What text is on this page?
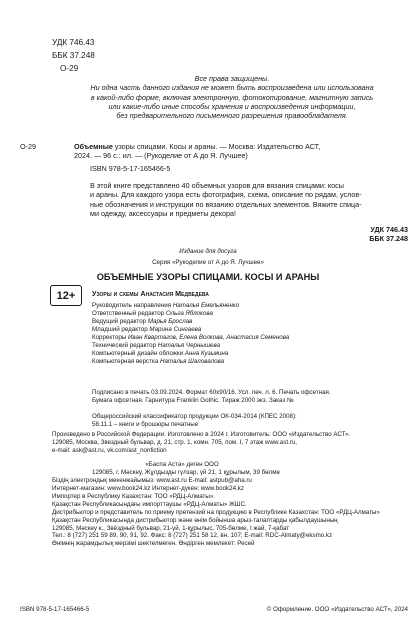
УДК 746.43
ББК 37.248
О-29
Все права защищены.
Ни одна часть данного издания не может быть воспроизведена или использована
в какой-либо форме, включая электронную, фотокопирование, магнитную запись
или какие-либо иные способы хранения и воспроизведения информации,
без предварительного письменного разрешения правообладателя.
О-29	Объемные узоры спицами. Косы и араны. — Москва: Издательство АСТ,
2024. — 96 с.: ил. — (Рукоделие от А до Я. Лучшее)
ISBN 978-5-17-165466-5
В этой книге представлено 40 объемных узоров для вязания спицами: косы
и араны. Для каждого узора есть фотография, схема, описание по рядам, услов-
ные обозначения и инструкции по вязанию отдельных элементов. Вяжите спица-
ми одежду, аксессуары и предметы декора!
УДК 746.43
ББК 37.248
Издание для досуга
Серия «Рукоделие от А до Я. Лучшее»
ОБЪЕМНЫЕ УЗОРЫ СПИЦАМИ. КОСЫ И АРАНЫ
12+	Узоры и схемы Анастасия Медведева
Руководитель направления Наталья Емельяненко
Ответственный редактор Ольга Яблокова
Ведущий редактор Марья Брослав
Младший редактор Марина Сингаева
Корректоры Иван Квартагов, Елена Волкова, Анастасия Семенова
Технический редактор Наталья Чернышева
Компьютерный дизайн обложки Анна Кузьмина
Компьютерная верстка Наталья Шаловалова
Подписано в печать 03.09.2024. Формат 60x90/16. Усл. печ. л. 6. Печать офсетная.
Бумага офсетная. Гарнитура Franklin Gothic. Тираж 2000 экз. Заказ №
Общероссийский классификатор продукции ОК-034-2014 (КПЕС 2008):
58.11.1 – книги и брошюры печатные
Произведено в Российской Федерации. Изготовлено в 2024 г. Изготовитель: ООО «Издательство АСТ».
129085, Москва, Звездный бульвар, д. 21, стр. 1, комн. 705, пом. I, 7 этаж www.ast.ru,
e-mail: ask@ast.ru, vk.com/ast_nonfiction
«Баспа Аста» деген ООО
129085, г. Мәскеу, Жұлдызды гүлзар, үй 21, 1 құрылым, 39 бөлме
Біздің электрондық мекенжайымыз: www.ast.ru E-mail: astpub@aha.ru
Интернет-магазин: www.book24.kz Интернет-дүкен: www.book24.kz
Импортер в Республику Казахстан: ТОО «РДЦ-Алматы».
Қазақстан Республикасындағы импорттаушы «РДЦ-Алматы» ЖШС.
Дистрибьютор и представитель по приему претензий на продукцию в Республике Казахстан: ТОО «РДЦ-Алматы»
Қазақстан Республикасында дистрибьютор және өнім бойынша арыз-талаптарды қабылдаушының
129085, Мәскеу к., Звёздный бульвар, 21-үй, 1-құрылыс, 705-бөлме, I жай, 7-қабат
Тел.: 8 (727) 251 59 89, 90, 91, 92. Факс: 8 (727) 251 58 12, вн. 107; E-mail: RDC-Almaty@eksmo.kz
Өнімнің жарамдылық мерзімі шектелмеген. Өндірген мемлекет: Ресей
ISBN 978-5-17-165466-5	© Оформление. ООО «Издательство АСТ», 2024
